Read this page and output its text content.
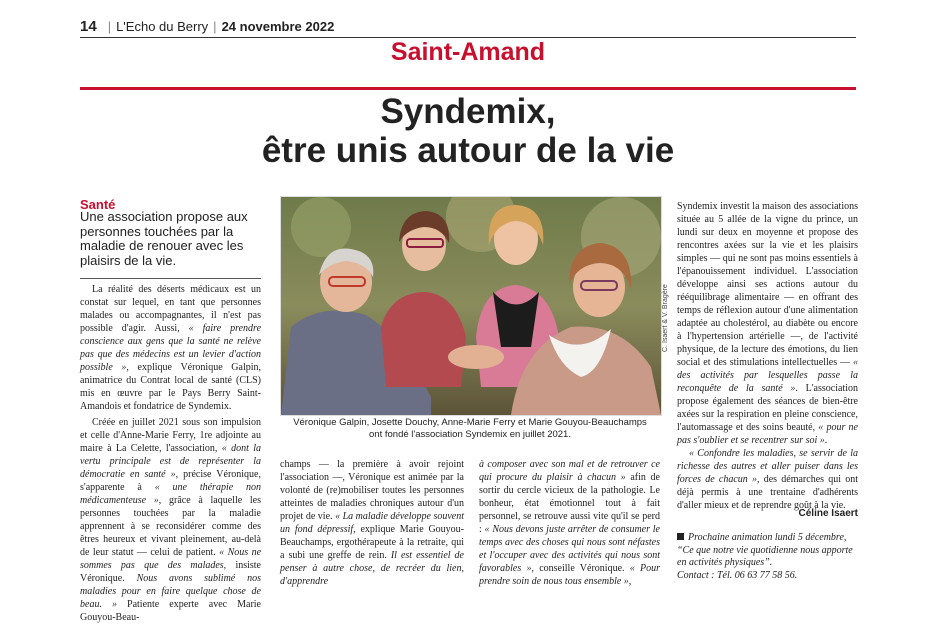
14 | L'Echo du Berry | 24 novembre 2022
Saint-Amand
Syndemix,
être unis autour de la vie
Santé
Une association propose aux personnes touchées par la maladie de renouer avec les plaisirs de la vie.

La réalité des déserts médicaux est un constat sur lequel, en tant que personnes malades ou accompagnantes, il n'est pas possible d'agir. Aussi, « faire prendre conscience aux gens que la santé ne relève pas que des médecins est un levier d'action possible », explique Véronique Galpin, animatrice du Contrat local de santé (CLS) mis en œuvre par le Pays Berry Saint-Amandois et fondatrice de Syndemix.

Créée en juillet 2021 sous son impulsion et celle d'Anne-Marie Ferry, 1re adjointe au maire à La Celette, l'association, « dont la vertu principale est de représenter la démocratie en santé », précise Véronique, s'apparente à « une thérapie non médicamenteuse », grâce à laquelle les personnes touchées par la maladie apprennent à se reconsidérer comme des êtres heureux et vivant pleinement, au-delà de leur statut — celui de patient. « Nous ne sommes pas que des malades, insiste Véronique. Nous avons sublimé nos maladies pour en faire quelque chose de beau. » Patiente experte avec Marie Gouyou-Beau-

C. Isaert & V. Bragère
Véronique Galpin, Josette Douchy, Anne-Marie Ferry et Marie Gouyou-Beauchamps
ont fondé l'association Syndemix en juillet 2021.

champs — la première à avoir rejoint l'association —, Véronique est animée par la volonté de (re)mobiliser toutes les personnes atteintes de maladies chroniques autour d'un projet de vie. « La maladie développe souvent un fond dépressif, explique Marie Gouyou-Beauchamps, ergothérapeute à la retraite, qui a subi une greffe de rein. Il est essentiel de penser à autre chose, de recréer du lien, d'apprendre

à composer avec son mal et de retrouver ce qui procure du plaisir à chacun » afin de sortir du cercle vicieux de la pathologie. Le bonheur, état émotionnel tout à fait personnel, se retrouve aussi vite qu'il se perd : « Nous devons juste arrêter de consumer le temps avec des choses qui nous sont néfastes et l'occuper avec des activités qui nous sont favorables », conseille Véronique. « Pour prendre soin de nous tous ensemble »,

Syndemix investit la maison des associations située au 5 allée de la vigne du prince, un lundi sur deux en moyenne et propose des rencontres axées sur la vie et les plaisirs simples — qui ne sont pas moins essentiels à l'épanouissement individuel. L'association développe ainsi ses actions autour du rééquilibrage alimentaire — en offrant des temps de réflexion autour d'une alimentation adaptée au cholestérol, au diabète ou encore à l'hypertension artérielle —, de l'activité physique, de la lecture des émotions, du lien social et des stimulations intellectuelles — « des activités par lesquelles passe la reconquête de la santé ». L'association propose également des séances de bien-être axées sur la respiration en pleine conscience, l'automassage et des soins beauté, « pour ne pas s'oublier et se recentrer sur soi ».

« Confondre les maladies, se servir de la richesse des autres et aller puiser dans les forces de chacun », des démarches qui ont déjà permis à une trentaine d'adhérents d'aller mieux et de reprendre goût à la vie.

Céline Isaert
Prochaine animation lundi 5 décembre,
“Ce que notre vie quotidienne nous apporte en activités physiques”.
Contact : Tél. 06 63 77 58 56.
